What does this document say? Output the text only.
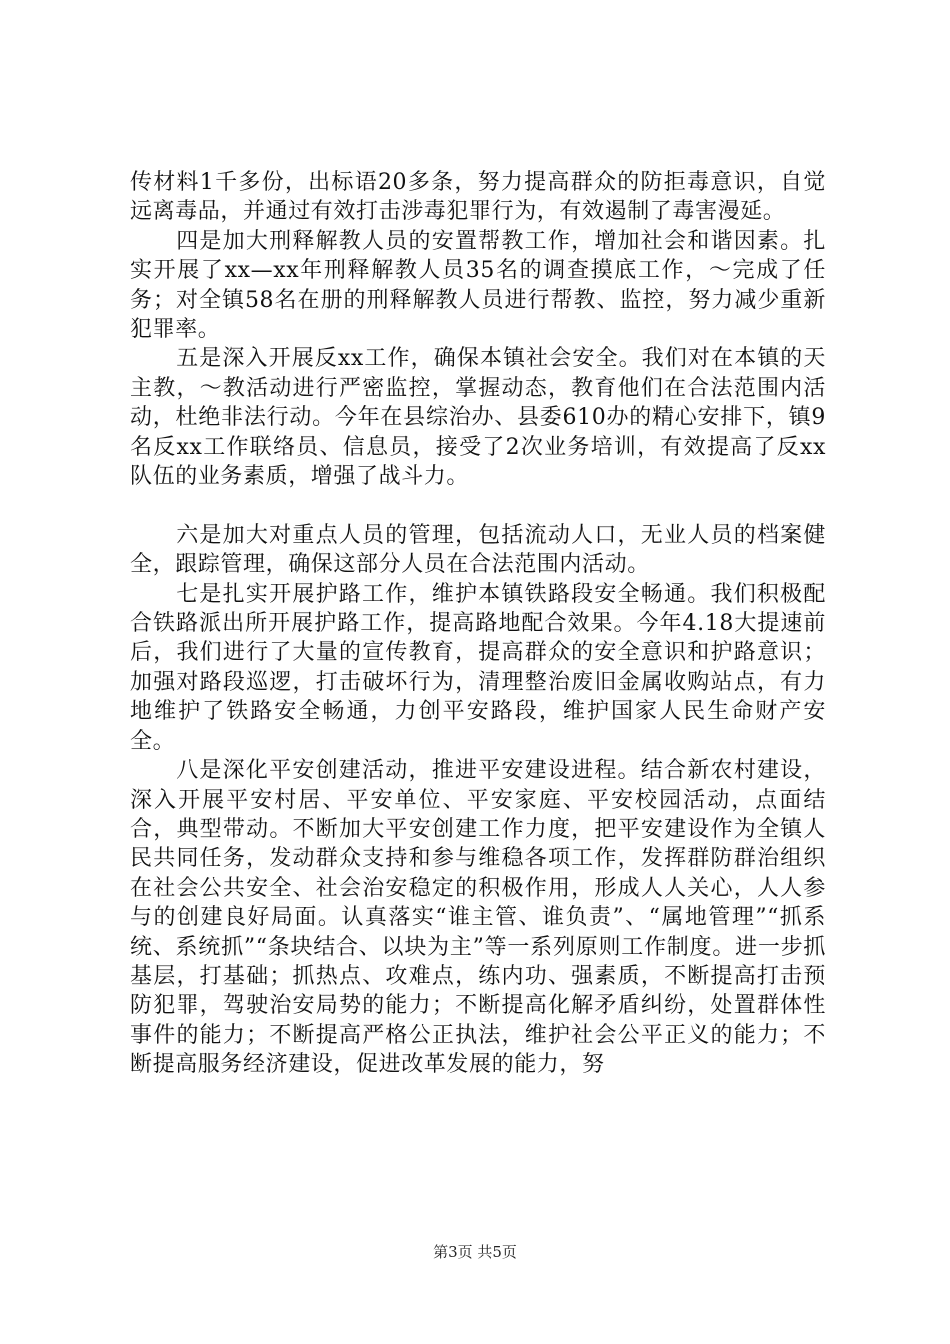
传材料1千多份，出标语20多条，努力提高群众的防拒毒意识，自觉远离毒品，并通过有效打击涉毒犯罪行为，有效遏制了毒害漫延。

四是加大刑释解教人员的安置帮教工作，增加社会和谐因素。扎实开展了xx—xx年刑释解教人员35名的调查摸底工作，～完成了任务；对全镇58名在册的刑释解教人员进行帮教、监控，努力减少重新犯罪率。

五是深入开展反xx工作，确保本镇社会安全。我们对在本镇的天主教，～教活动进行严密监控，掌握动态，教育他们在合法范围内活动，杜绝非法行动。今年在县综治办、县委610办的精心安排下，镇9名反xx工作联络员、信息员，接受了2次业务培训，有效提高了反xx队伍的业务素质，增强了战斗力。

六是加大对重点人员的管理，包括流动人口，无业人员的档案健全，跟踪管理，确保这部分人员在合法范围内活动。

七是扎实开展护路工作，维护本镇铁路段安全畅通。我们积极配合铁路派出所开展护路工作，提高路地配合效果。今年4.18大提速前后，我们进行了大量的宣传教育，提高群众的安全意识和护路意识；加强对路段巡逻，打击破坏行为，清理整治废旧金属收购站点，有力地维护了铁路安全畅通，力创平安路段，维护国家人民生命财产安全。

八是深化平安创建活动，推进平安建设进程。结合新农村建设，深入开展平安村居、平安单位、平安家庭、平安校园活动，点面结合，典型带动。不断加大平安创建工作力度，把平安建设作为全镇人民共同任务，发动群众支持和参与维稳各项工作，发挥群防群治组织在社会公共安全、社会治安稳定的积极作用，形成人人关心，人人参与的创建良好局面。认真落实“谁主管、谁负责”、“属地管理”“抓系统、系统抓”“条块结合、以块为主”等一系列原则工作制度。进一步抓基层，打基础；抓热点、攻难点，练内功、强素质，不断提高打击预防犯罪，驾驶治安局势的能力；不断提高化解矛盾纠纷，处置群体性事件的能力；不断提高严格公正执法，维护社会公平正义的能力；不断提高服务经济建设，促进改革发展的能力，努

第3页 共5页
